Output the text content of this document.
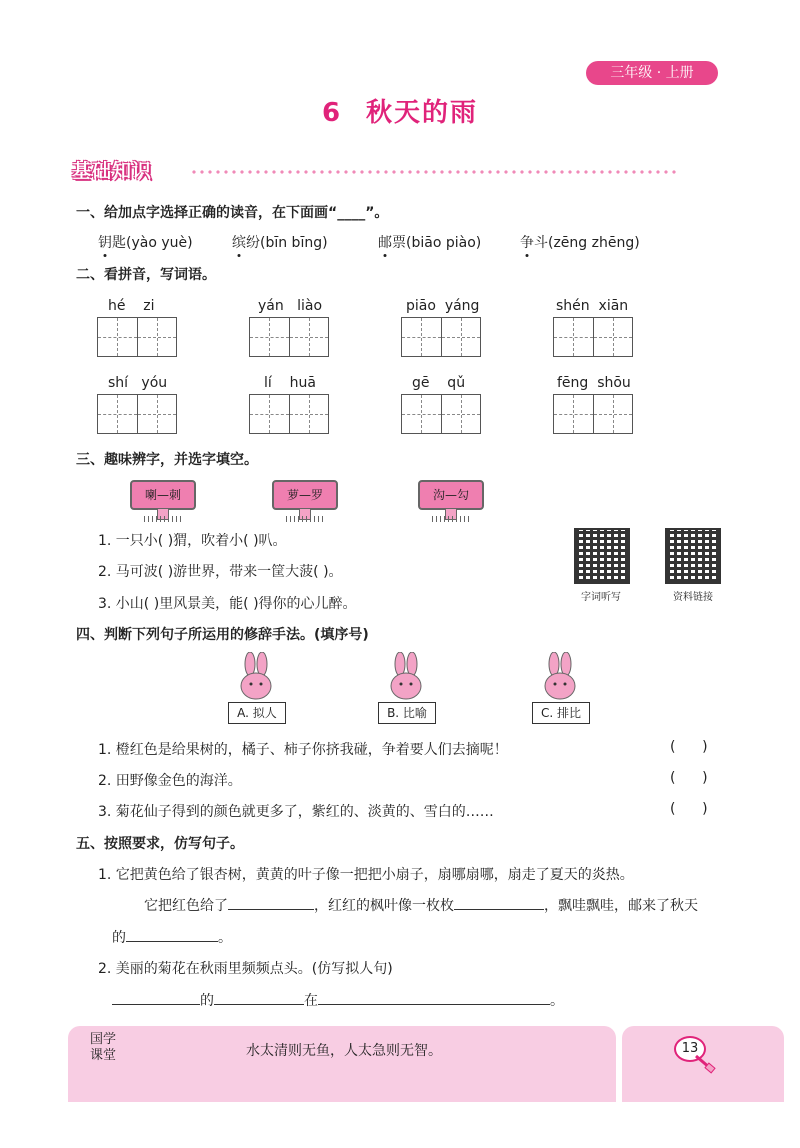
三年级 · 上册
6 秋天的雨
基础知识
一、给加点字选择正确的读音，在下面画“____”。
钥匙(yào yuè)	缤纷(bīn bīng)	邮票(biāo piào)	争斗(zēng zhēng)
二、看拼音，写词语。
hé    zi	yán   liào	piāo  yáng	shén  xiān
shí   yóu	lí    huā	gē    qǔ	fēng  shōu
三、趣味辨字，并选字填空。
喇—刺	萝—罗	沟—勾
1. 一只小( )猬，吹着小( )叭。
2. 马可波( )游世界，带来一筐大菠( )。
3. 小山( )里风景美，能( )得你的心儿醉。	字词听写	资料链接
四、判断下列句子所运用的修辞手法。(填序号)
A. 拟人	B. 比喻	C. 排比
1. 橙红色是给果树的，橘子、柿子你挤我碰，争着要人们去摘呢！	(      )
2. 田野像金色的海洋。	(      )
3. 菊花仙子得到的颜色就更多了，紫红的、淡黄的、雪白的……	(      )
五、按照要求，仿写句子。
1. 它把黄色给了银杏树，黄黄的叶子像一把把小扇子，扇哪扇哪，扇走了夏天的炎热。
它把红色给了	，红红的枫叶像一枚枚	，飘哇飘哇，邮来了秋天
的	。
2. 美丽的菊花在秋雨里频频点头。(仿写拟人句)
的	在	。
国学
课堂	水太清则无鱼，人太急则无智。	13
